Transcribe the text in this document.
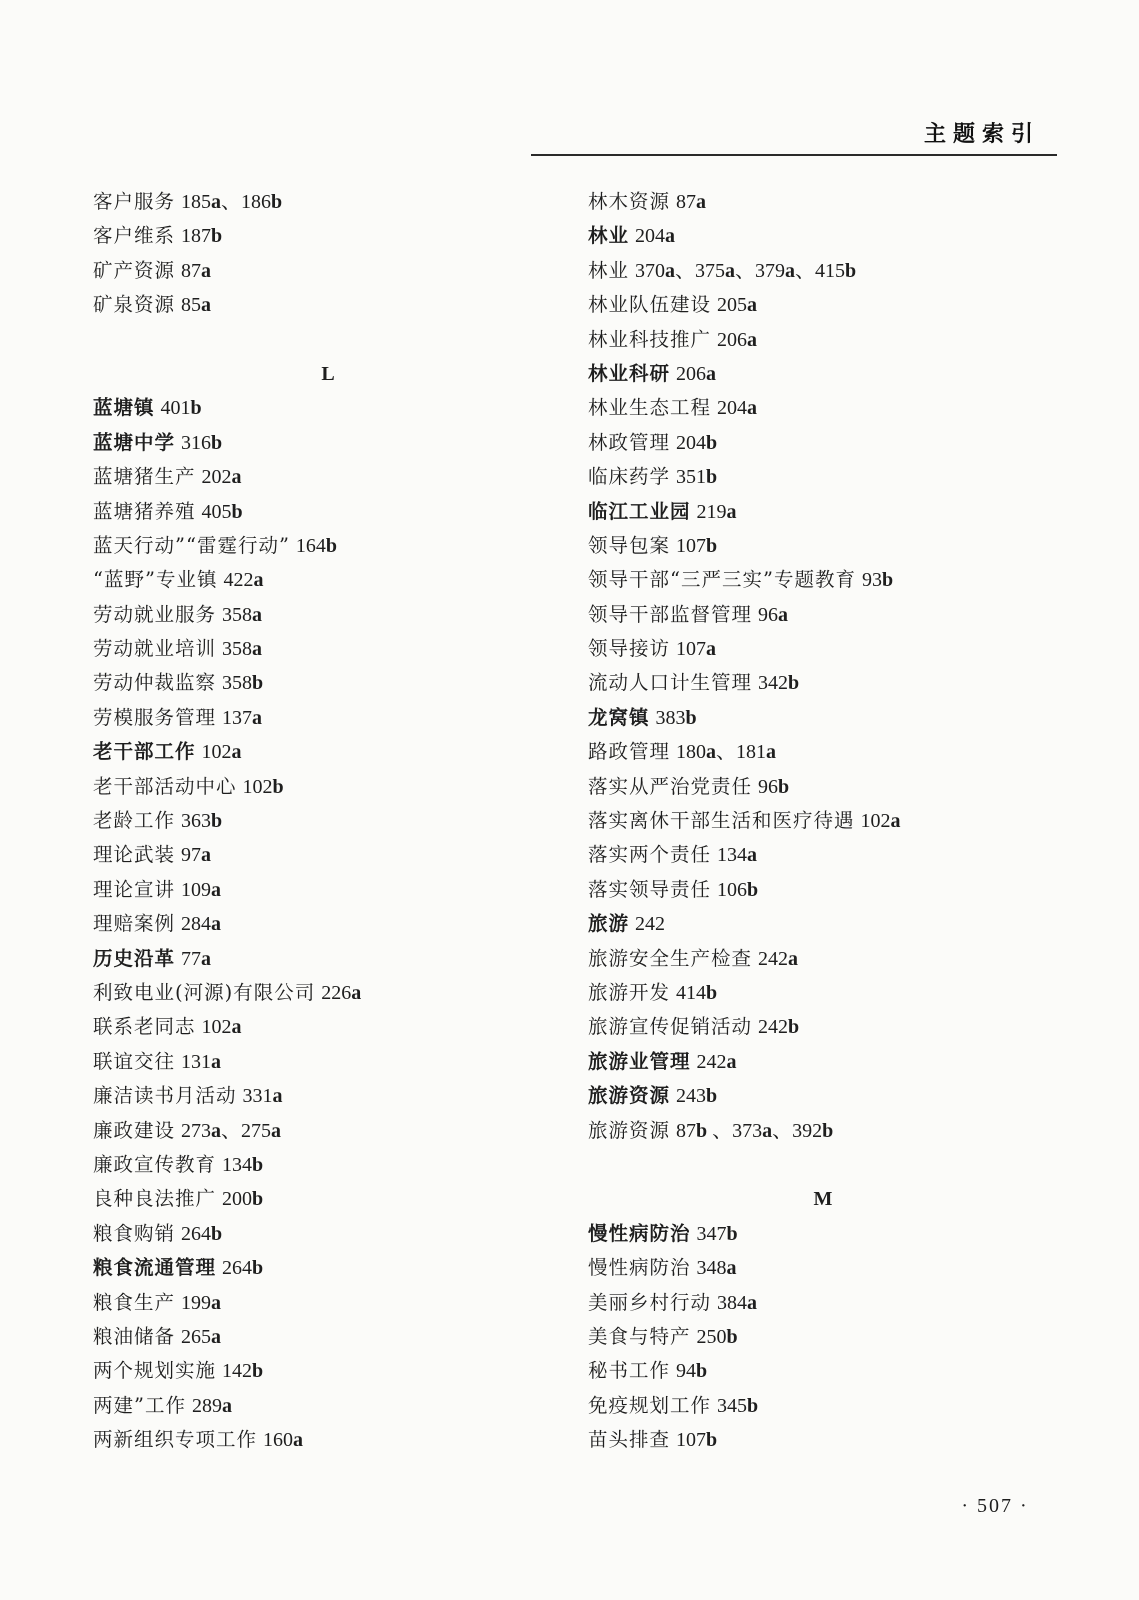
主题索引
客户服务 185a、186b
客户维系 187b
矿产资源 87a
矿泉资源 85a
L
蓝塘镇 401b
蓝塘中学 316b
蓝塘猪生产 202a
蓝塘猪养殖 405b
蓝天行动”“雷霆行动” 164b
“蓝野”专业镇 422a
劳动就业服务 358a
劳动就业培训 358a
劳动仲裁监察 358b
劳模服务管理 137a
老干部工作 102a
老干部活动中心 102b
老龄工作 363b
理论武装 97a
理论宣讲 109a
理赔案例 284a
历史沿革 77a
利致电业(河源)有限公司 226a
联系老同志 102a
联谊交往 131a
廉洁读书月活动 331a
廉政建设 273a、275a
廉政宣传教育 134b
良种良法推广 200b
粮食购销 264b
粮食流通管理 264b
粮食生产 199a
粮油储备 265a
两个规划实施 142b
两建”工作 289a
两新组织专项工作 160a
林木资源 87a
林业 204a
林业 370a、375a、379a、415b
林业队伍建设 205a
林业科技推广 206a
林业科研 206a
林业生态工程 204a
林政管理 204b
临床药学 351b
临江工业园 219a
领导包案 107b
领导干部“三严三实”专题教育 93b
领导干部监督管理 96a
领导接访 107a
流动人口计生管理 342b
龙窝镇 383b
路政管理 180a、181a
落实从严治党责任 96b
落实离休干部生活和医疗待遇 102a
落实两个责任 134a
落实领导责任 106b
旅游 242
旅游安全生产检查 242a
旅游开发 414b
旅游宣传促销活动 242b
旅游业管理 242a
旅游资源 243b
旅游资源 87b 、373a、392b
M
慢性病防治 347b
慢性病防治 348a
美丽乡村行动 384a
美食与特产 250b
秘书工作 94b
免疫规划工作 345b
苗头排查 107b
· 507 ·
